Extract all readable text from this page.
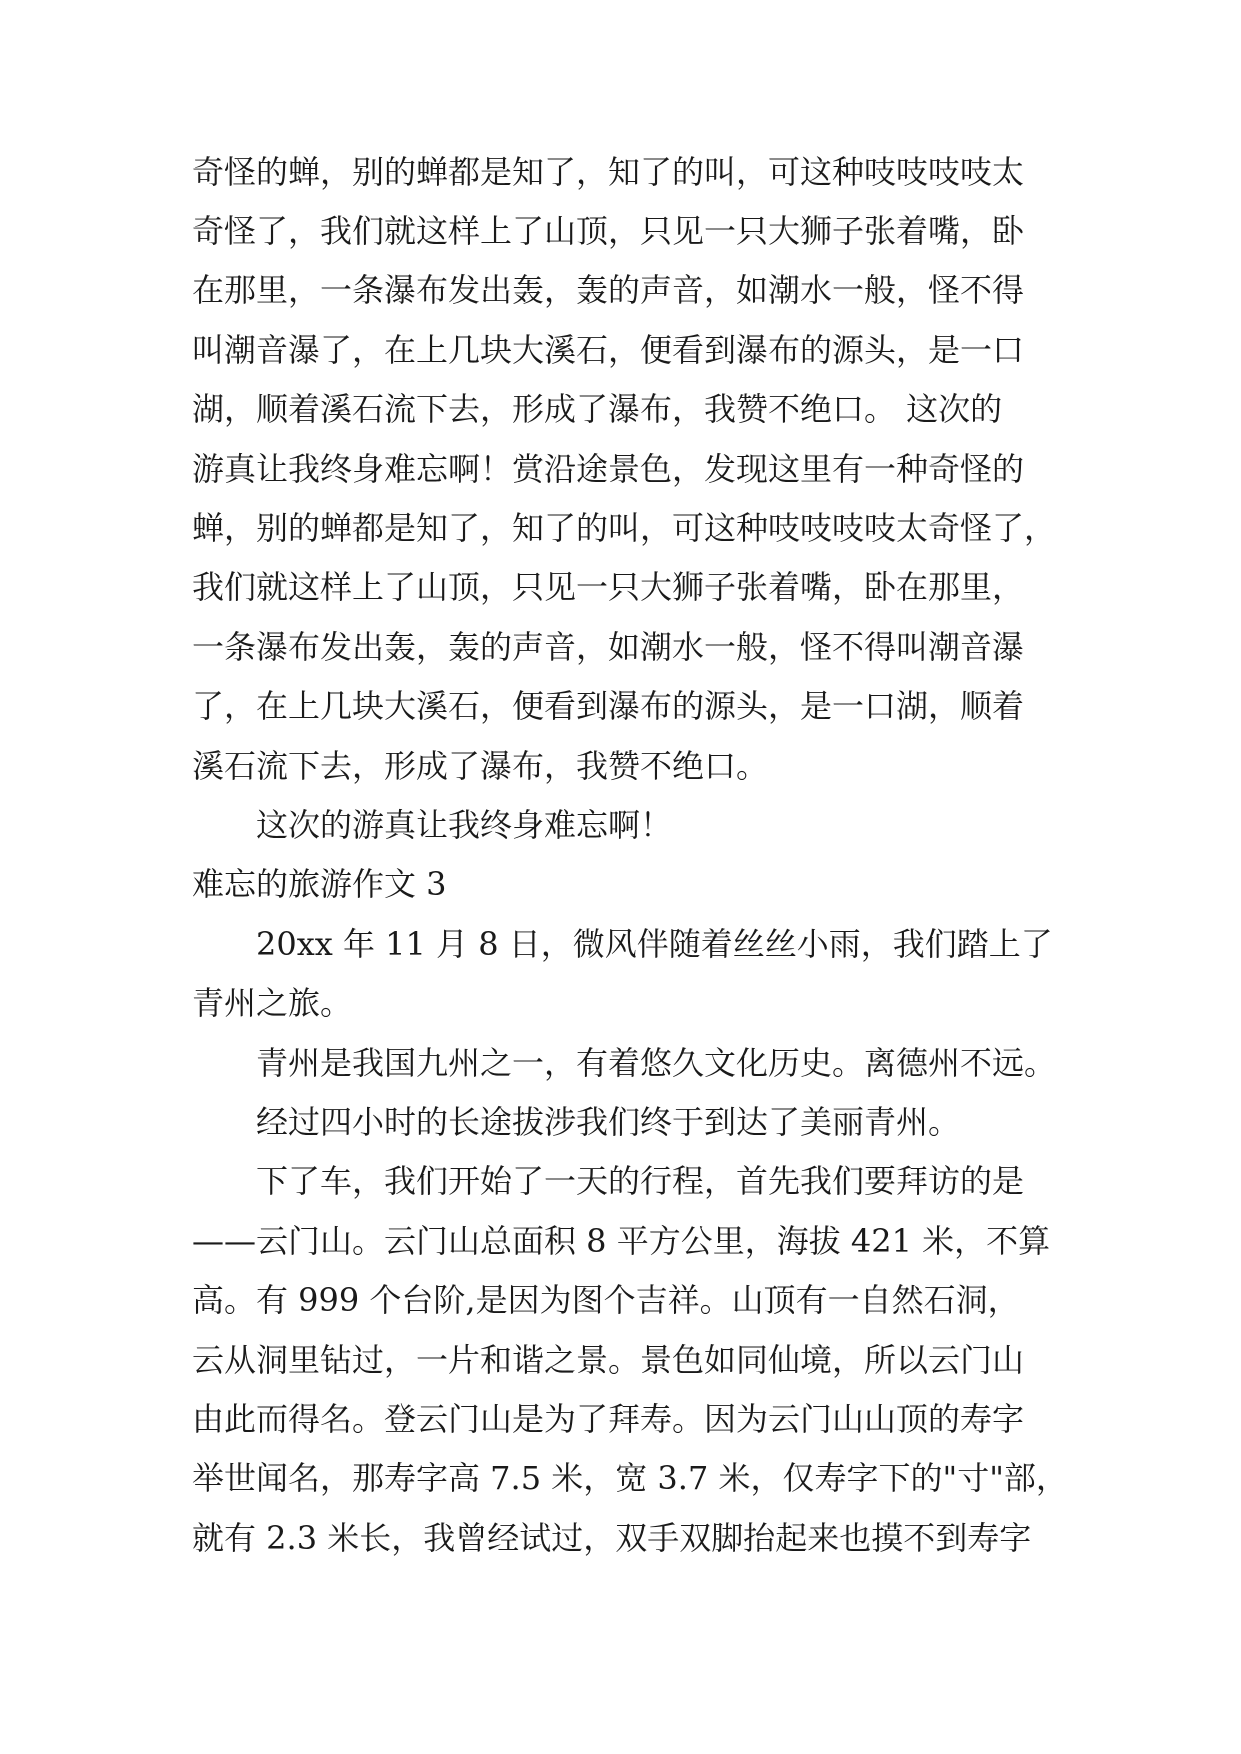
奇怪的蝉，别的蝉都是知了，知了的叫，可这种吱吱吱吱太
奇怪了，我们就这样上了山顶，只见一只大狮子张着嘴，卧
在那里，一条瀑布发出轰，轰的声音，如潮水一般，怪不得
叫潮音瀑了，在上几块大溪石，便看到瀑布的源头，是一口
湖，顺着溪石流下去，形成了瀑布，我赞不绝口。 这次的
游真让我终身难忘啊！赏沿途景色，发现这里有一种奇怪的
蝉，别的蝉都是知了，知了的叫，可这种吱吱吱吱太奇怪了，
我们就这样上了山顶，只见一只大狮子张着嘴，卧在那里，
一条瀑布发出轰，轰的声音，如潮水一般，怪不得叫潮音瀑
了，在上几块大溪石，便看到瀑布的源头，是一口湖，顺着
溪石流下去，形成了瀑布，我赞不绝口。
这次的游真让我终身难忘啊！
难忘的旅游作文 3
20xx 年 11 月 8 日，微风伴随着丝丝小雨，我们踏上了
青州之旅。
青州是我国九州之一，有着悠久文化历史。离德州不远。
经过四小时的长途拔涉我们终于到达了美丽青州。
下了车，我们开始了一天的行程，首先我们要拜访的是
——云门山。云门山总面积 8 平方公里，海拔 421 米，不算
高。有 999 个台阶,是因为图个吉祥。山顶有一自然石洞，
云从洞里钻过，一片和谐之景。景色如同仙境，所以云门山
由此而得名。登云门山是为了拜寿。因为云门山山顶的寿字
举世闻名，那寿字高 7.5 米，宽 3.7 米，仅寿字下的"寸"部，
就有 2.3 米长，我曾经试过，双手双脚抬起来也摸不到寿字
